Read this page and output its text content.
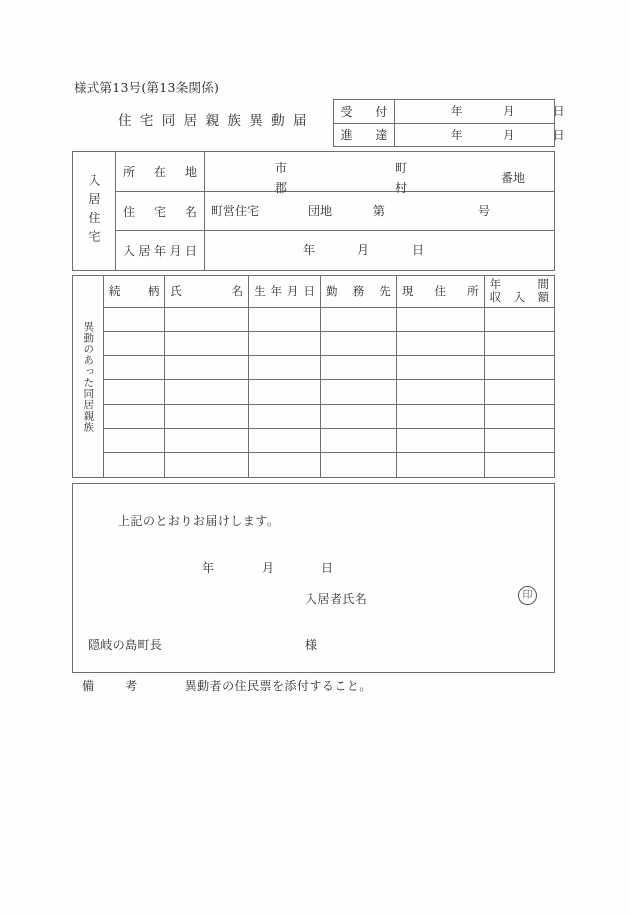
様式第13号(第13条関係)
住宅同居親族異動届
受　付	年	月	日
進　達	年	月	日
入居住宅
所 在 地	市
郡
町
村
番地
住 宅 名 町営住宅	団地	第	号
入 居 年 月 日	年	月	日
異動のあった同居親族
続 柄	氏 名	生 年 月 日	勤 務 先	現 住 所	年 間
収 入 額

上記のとおりお届けします。
年	月	日
入居者氏名	印
隠岐の島町長	様
備　考	異動者の住民票を添付すること。
